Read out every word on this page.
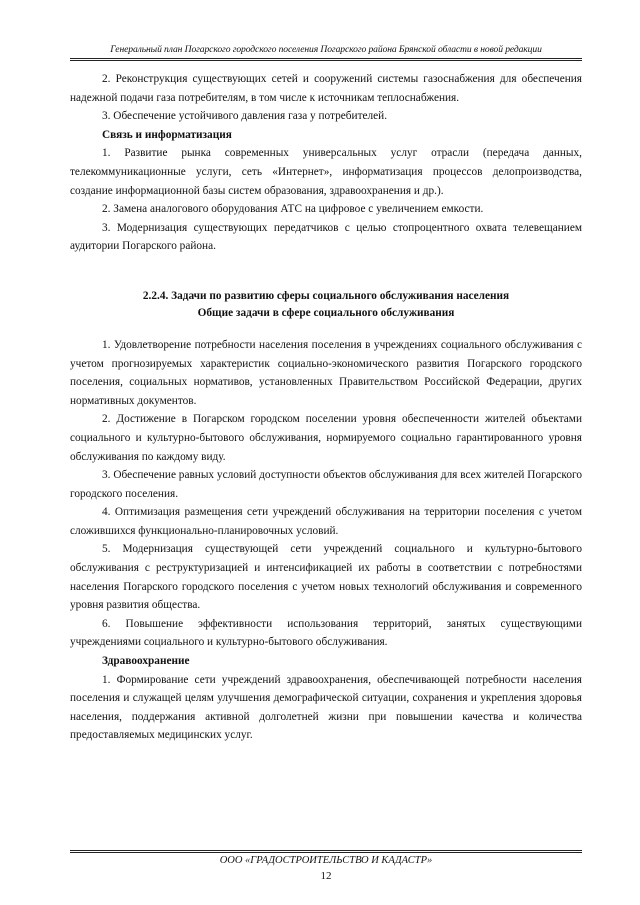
Генеральный план Погарского городского поселения Погарского района Брянской области в новой редакции

2. Реконструкция существующих сетей и сооружений системы газоснабжения для обеспечения надежной подачи газа потребителям, в том числе к источникам теплоснабжения.

3. Обеспечение устойчивого давления газа у потребителей.

Связь и информатизация

1. Развитие рынка современных универсальных услуг отрасли (передача данных, телекоммуникационные услуги, сеть «Интернет», информатизация процессов делопроизводства, создание информационной базы систем образования, здравоохранения и др.).

2. Замена аналогового оборудования АТС на цифровое с увеличением емкости.

3. Модернизация существующих передатчиков с целью стопроцентного охвата телевещанием аудитории Погарского района.

2.2.4. Задачи по развитию сферы социального обслуживания населения
Общие задачи в сфере социального обслуживания

1. Удовлетворение потребности населения поселения в учреждениях социального обслуживания с учетом прогнозируемых характеристик социально-экономического развития Погарского городского поселения, социальных нормативов, установленных Правительством Российской Федерации, других нормативных документов.

2. Достижение в Погарском городском поселении уровня обеспеченности жителей объектами социального и культурно-бытового обслуживания, нормируемого социально гарантированного уровня обслуживания по каждому виду.

3. Обеспечение равных условий доступности объектов обслуживания для всех жителей Погарского городского поселения.

4. Оптимизация размещения сети учреждений обслуживания на территории поселения с учетом сложившихся функционально-планировочных условий.

5. Модернизация существующей сети учреждений социального и культурно-бытового обслуживания с реструктуризацией и интенсификацией их работы в соответствии с потребностями населения Погарского городского поселения с учетом новых технологий обслуживания и современного уровня развития общества.

6. Повышение эффективности использования территорий, занятых существующими учреждениями социального и культурно-бытового обслуживания.

Здравоохранение

1. Формирование сети учреждений здравоохранения, обеспечивающей потребности населения поселения и служащей целям улучшения демографической ситуации, сохранения и укрепления здоровья населения, поддержания активной долголетней жизни при повышении качества и количества предоставляемых медицинских услуг.

ООО «ГРАДОСТРОИТЕЛЬСТВО И КАДАСТР»
12
